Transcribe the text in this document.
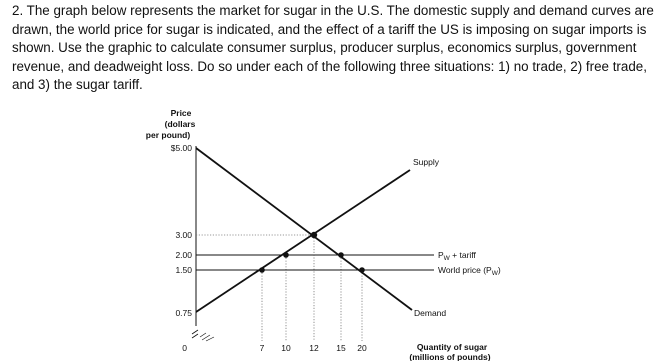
2. The graph below represents the market for sugar in the U.S. The domestic supply and demand curves are drawn, the world price for sugar is indicated, and the effect of a tariff the US is imposing on sugar imports is shown. Use the graphic to calculate consumer surplus, producer surplus, economics surplus, government revenue, and deadweight loss. Do so under each of the following three situations: 1) no trade, 2) free trade, and 3) the sugar tariff.

Price
(dollars
per pound)
$5.00
3.00
2.00
1.50
0.75
0	7 10 12 15 20	Quantity of sugar
(millions of pounds)
Supply
Demand
$P_W$ + tariff
World price $(P_W)$
